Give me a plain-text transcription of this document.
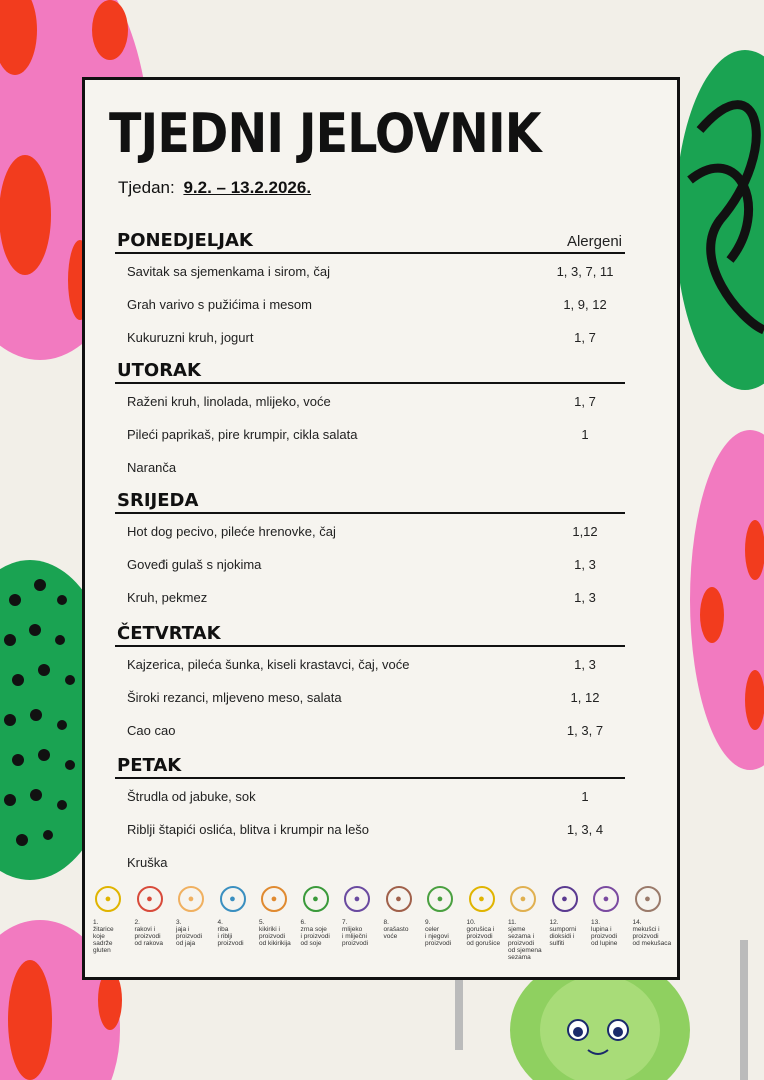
TJEDNI JELOVNIK
Tjedan: 9.2. – 13.2.2026.
Alergeni
PONEDJELJAK
Savitak sa sjemenkama i sirom, čaj	1, 3, 7, 11
Grah varivo s pužićima i mesom	1, 9, 12
Kukuruzni kruh, jogurt	1, 7
UTORAK
Raženi kruh, linolada, mlijeko, voće	1, 7
Pileći paprikaš, pire krumpir, cikla salata	1
Naranča
SRIJEDA
Hot dog pecivo, pileće hrenovke, čaj	1,12
Goveđi gulaš s njokima	1, 3
Kruh, pekmez	1, 3
ČETVRTAK
Kajzerica, pileća šunka, kiseli krastavci, čaj, voće	1, 3
Široki rezanci, mljeveno meso, salata	1, 12
Cao cao	1, 3, 7
PETAK
Štrudla od jabuke, sok	1
Riblji štapići oslića, blitva i krumpir na lešo	1, 3, 4
Kruška
●
1.
žitarice
koje
sadrže
gluten
●
2.
rakovi i
proizvodi
od rakova
●
3.
jaja i
proizvodi
od jaja
●
4.
riba
i riblji
proizvodi
●
5.
kikiriki i
proizvodi
od kikirikija
●
6.
zrna soje
i proizvodi
od soje
●
7.
mlijeko
i mliječni
proizvodi
●
8.
orašasto
voće
●
9.
celer
i njegovi
proizvodi
●
10.
gorušica i
proizvodi
od gorušice
●
11.
sjeme
sezama i
proizvodi
od sjemena
sezama
●
12.
sumporni
dioksidi i
sulfiti
●
13.
lupina i
proizvodi
od lupine
●
14.
mekušci i
proizvodi
od mekušaca
